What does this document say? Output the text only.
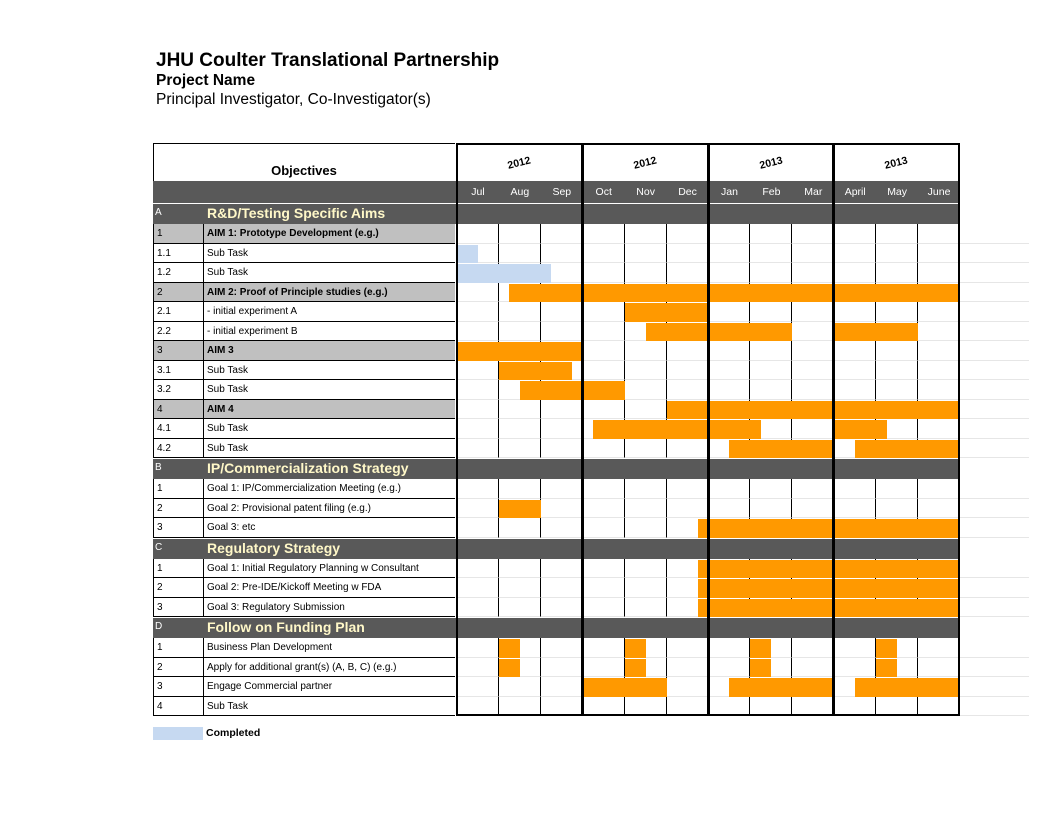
JHU Coulter Translational Partnership
Project Name
Principal Investigator, Co-Investigator(s)
Objectives	2012	2012	2013	2013
Jul	Aug	Sep	Oct	Nov	Dec	Jan	Feb	Mar	April	May	June
A	R&D/Testing Specific Aims
1	AIM 1: Prototype Development (e.g.)
1.1	Sub Task
1.2	Sub Task
2	AIM 2: Proof of Principle studies (e.g.)
2.1	- initial experiment A
2.2	- initial experiment B
3	AIM 3
3.1	Sub Task
3.2	Sub Task
4	AIM 4
4.1	Sub Task
4.2	Sub Task
B	IP/Commercialization Strategy
1	Goal 1: IP/Commercialization Meeting (e.g.)
2	Goal 2: Provisional patent filing (e.g.)
3	Goal 3: etc
C	Regulatory Strategy
1	Goal 1: Initial Regulatory Planning w Consultant
2	Goal 2: Pre-IDE/Kickoff Meeting w FDA
3	Goal 3: Regulatory Submission
D	Follow on Funding Plan
1	Business Plan Development
2	Apply for additional grant(s) (A, B, C) (e.g.)
3	Engage Commercial partner
4	Sub Task
Completed
